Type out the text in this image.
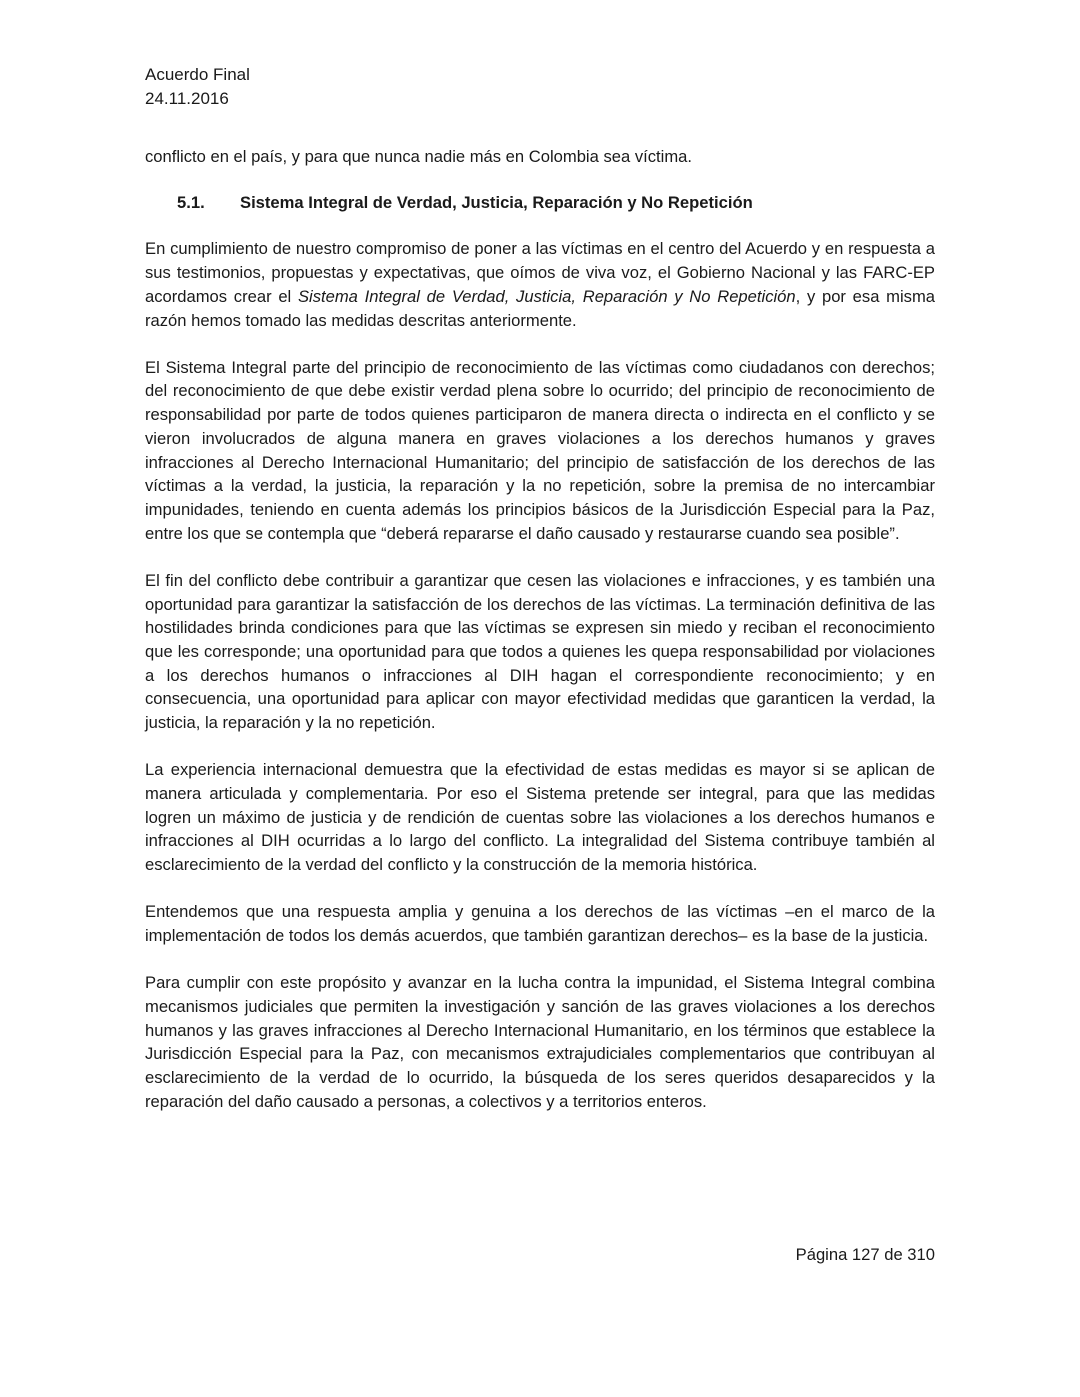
Acuerdo Final
24.11.2016

conflicto en el país, y para que nunca nadie más en Colombia sea víctima.

5.1.	Sistema Integral de Verdad, Justicia, Reparación y No Repetición

En cumplimiento de nuestro compromiso de poner a las víctimas en el centro del Acuerdo y en respuesta a sus testimonios, propuestas y expectativas, que oímos de viva voz, el Gobierno Nacional y las FARC-EP acordamos crear el Sistema Integral de Verdad, Justicia, Reparación y No Repetición, y por esa misma razón hemos tomado las medidas descritas anteriormente.

El Sistema Integral parte del principio de reconocimiento de las víctimas como ciudadanos con derechos; del reconocimiento de que debe existir verdad plena sobre lo ocurrido; del principio de reconocimiento de responsabilidad por parte de todos quienes participaron de manera directa o indirecta en el conflicto y se vieron involucrados de alguna manera en graves violaciones a los derechos humanos y graves infracciones al Derecho Internacional Humanitario; del principio de satisfacción de los derechos de las víctimas a la verdad, la justicia, la reparación y la no repetición, sobre la premisa de no intercambiar impunidades, teniendo en cuenta además los principios básicos de la Jurisdicción Especial para la Paz, entre los que se contempla que “deberá repararse el daño causado y restaurarse cuando sea posible”.

El fin del conflicto debe contribuir a garantizar que cesen las violaciones e infracciones, y es también una oportunidad para garantizar la satisfacción de los derechos de las víctimas. La terminación definitiva de las hostilidades brinda condiciones para que las víctimas se expresen sin miedo y reciban el reconocimiento que les corresponde; una oportunidad para que todos a quienes les quepa responsabilidad por violaciones a los derechos humanos o infracciones al DIH hagan el correspondiente reconocimiento; y en consecuencia, una oportunidad para aplicar con mayor efectividad medidas que garanticen la verdad, la justicia, la reparación y la no repetición.

La experiencia internacional demuestra que la efectividad de estas medidas es mayor si se aplican de manera articulada y complementaria. Por eso el Sistema pretende ser integral, para que las medidas logren un máximo de justicia y de rendición de cuentas sobre las violaciones a los derechos humanos e infracciones al DIH ocurridas a lo largo del conflicto. La integralidad del Sistema contribuye también al esclarecimiento de la verdad del conflicto y la construcción de la memoria histórica.

Entendemos que una respuesta amplia y genuina a los derechos de las víctimas –en el marco de la implementación de todos los demás acuerdos, que también garantizan derechos– es la base de la justicia.

Para cumplir con este propósito y avanzar en la lucha contra la impunidad, el Sistema Integral combina mecanismos judiciales que permiten la investigación y sanción de las graves violaciones a los derechos humanos y las graves infracciones al Derecho Internacional Humanitario, en los términos que establece la Jurisdicción Especial para la Paz, con mecanismos extrajudiciales complementarios que contribuyan al esclarecimiento de la verdad de lo ocurrido, la búsqueda de los seres queridos desaparecidos y la reparación del daño causado a personas, a colectivos y a territorios enteros.

Página 127 de 310
